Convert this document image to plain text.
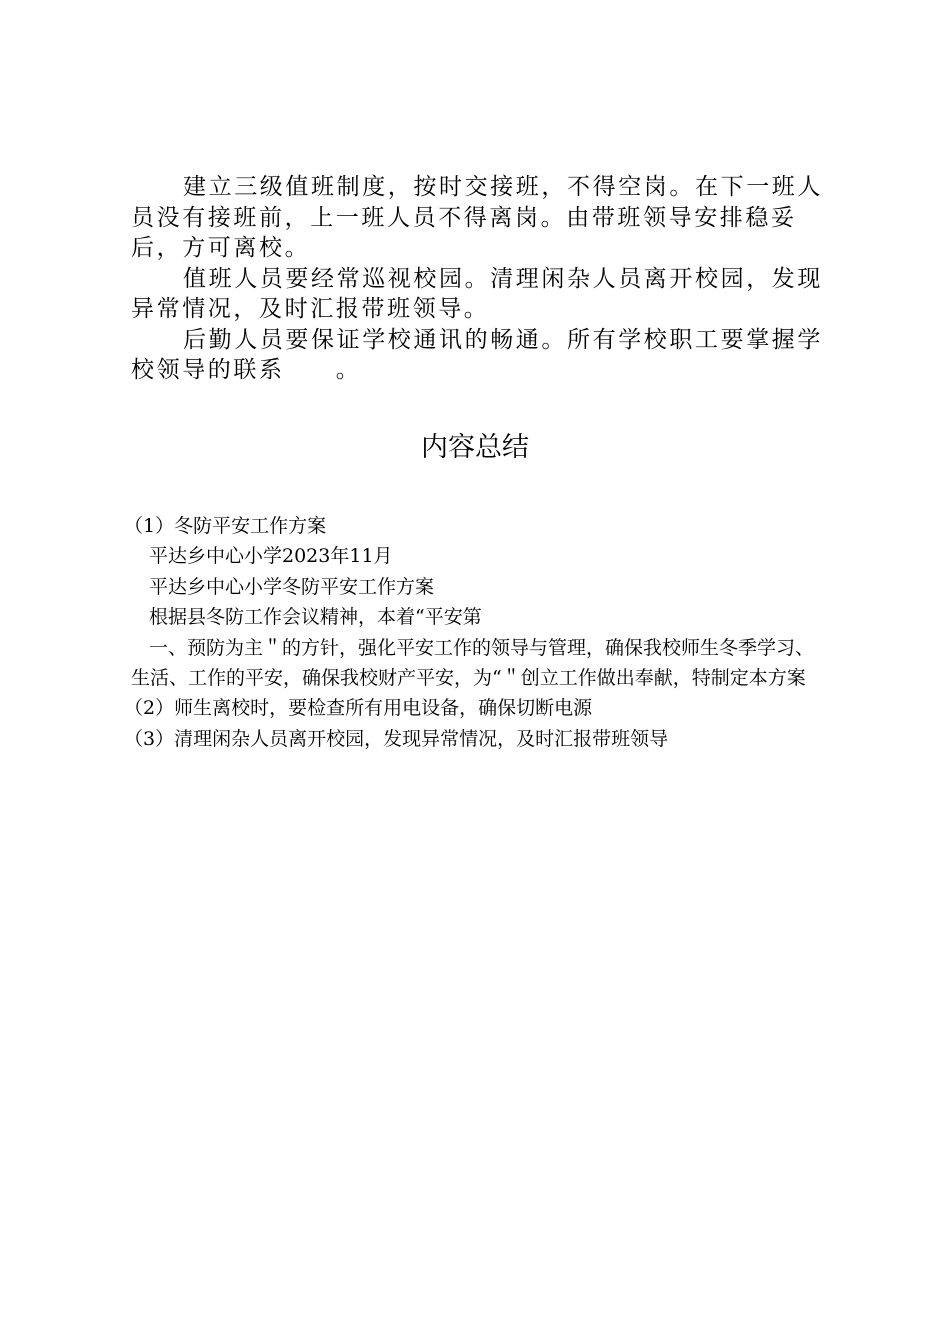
建立三级值班制度，按时交接班，不得空岗。在下一班人员没有接班前，上一班人员不得离岗。由带班领导安排稳妥后，方可离校。

值班人员要经常巡视校园。清理闲杂人员离开校园，发现异常情况，及时汇报带班领导。

后勤人员要保证学校通讯的畅通。所有学校职工要掌握学校领导的联系　　。

内容总结

（1）冬防平安工作方案

平达乡中心小学2023年11月

平达乡中心小学冬防平安工作方案

根据县冬防工作会议精神，本着“平安第

一、预防为主＂的方针，强化平安工作的领导与管理，确保我校师生冬季学习、生活、工作的平安，确保我校财产平安，为“＂创立工作做出奉献，特制定本方案

（2）师生离校时，要检查所有用电设备，确保切断电源

（3）清理闲杂人员离开校园，发现异常情况，及时汇报带班领导
